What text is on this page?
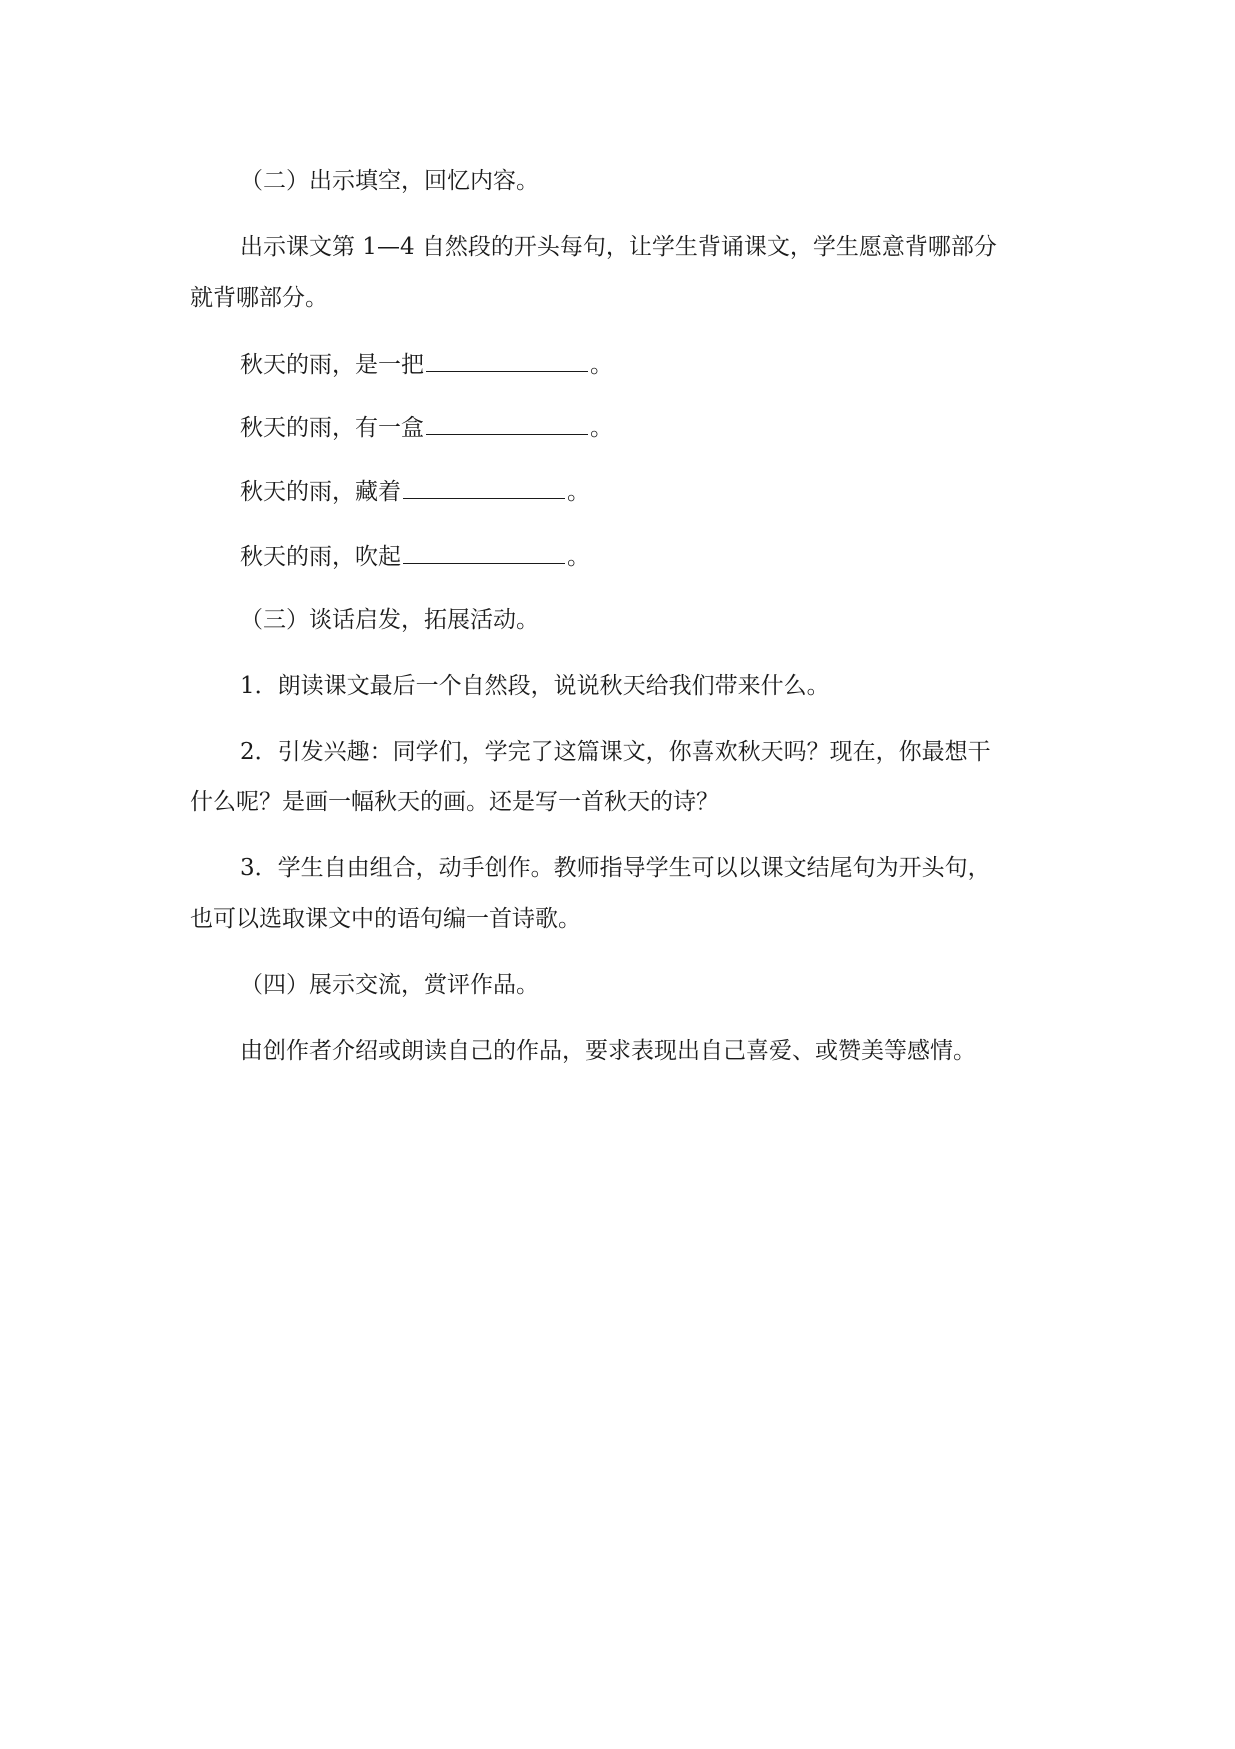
（二）出示填空，回忆内容。

出示课文第 1—4 自然段的开头每句，让学生背诵课文，学生愿意背哪部分

就背哪部分。

秋天的雨，是一把	。

秋天的雨，有一盒	。

秋天的雨，藏着	。

秋天的雨，吹起	。

（三）谈话启发，拓展活动。

1．朗读课文最后一个自然段，说说秋天给我们带来什么。

2．引发兴趣：同学们，学完了这篇课文，你喜欢秋天吗？现在，你最想干

什么呢？是画一幅秋天的画。还是写一首秋天的诗？

3．学生自由组合，动手创作。教师指导学生可以以课文结尾句为开头句，

也可以选取课文中的语句编一首诗歌。

（四）展示交流，赏评作品。

由创作者介绍或朗读自己的作品，要求表现出自己喜爱、或赞美等感情。
